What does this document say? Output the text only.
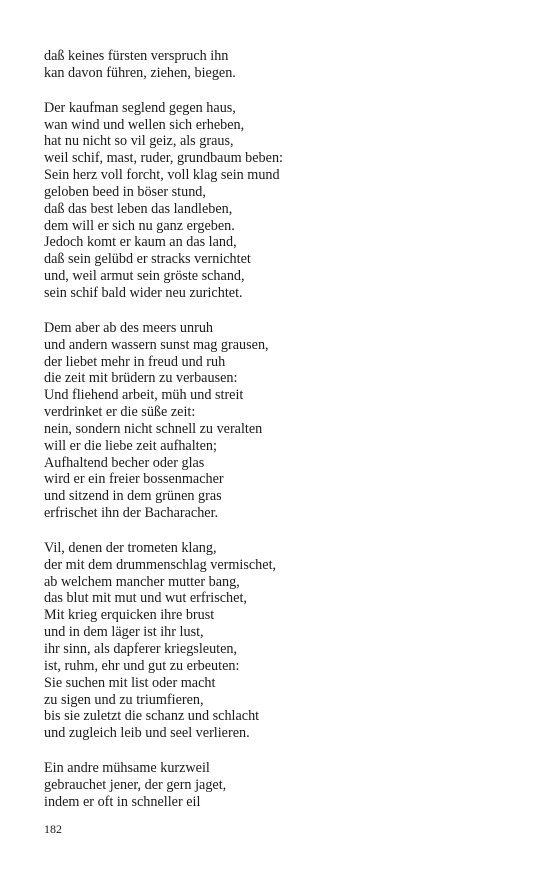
daß keines fürsten verspruch ihn
kan davon führen, ziehen, biegen.
Der kaufman seglend gegen haus,
wan wind und wellen sich erheben,
hat nu nicht so vil geiz, als graus,
weil schif, mast, ruder, grundbaum beben:
Sein herz voll forcht, voll klag sein mund
geloben beed in böser stund,
daß das best leben das landleben,
dem will er sich nu ganz ergeben.
Jedoch komt er kaum an das land,
daß sein gelübd er stracks vernichtet
und, weil armut sein gröste schand,
sein schif bald wider neu zurichtet.
Dem aber ab des meers unruh
und andern wassern sunst mag grausen,
der liebet mehr in freud und ruh
die zeit mit brüdern zu verbausen:
Und fliehend arbeit, müh und streit
verdrinket er die süße zeit:
nein, sondern nicht schnell zu veralten
will er die liebe zeit aufhalten;
Aufhaltend becher oder glas
wird er ein freier bossenmacher
und sitzend in dem grünen gras
erfrischet ihn der Bacharacher.
Vil, denen der trometen klang,
der mit dem drummenschlag vermischet,
ab welchem mancher mutter bang,
das blut mit mut und wut erfrischet,
Mit krieg erquicken ihre brust
und in dem läger ist ihr lust,
ihr sinn, als dapferer kriegsleuten,
ist, ruhm, ehr und gut zu erbeuten:
Sie suchen mit list oder macht
zu sigen und zu triumfieren,
bis sie zuletzt die schanz und schlacht
und zugleich leib und seel verlieren.
Ein andre mühsame kurzweil
gebrauchet jener, der gern jaget,
indem er oft in schneller eil
182
